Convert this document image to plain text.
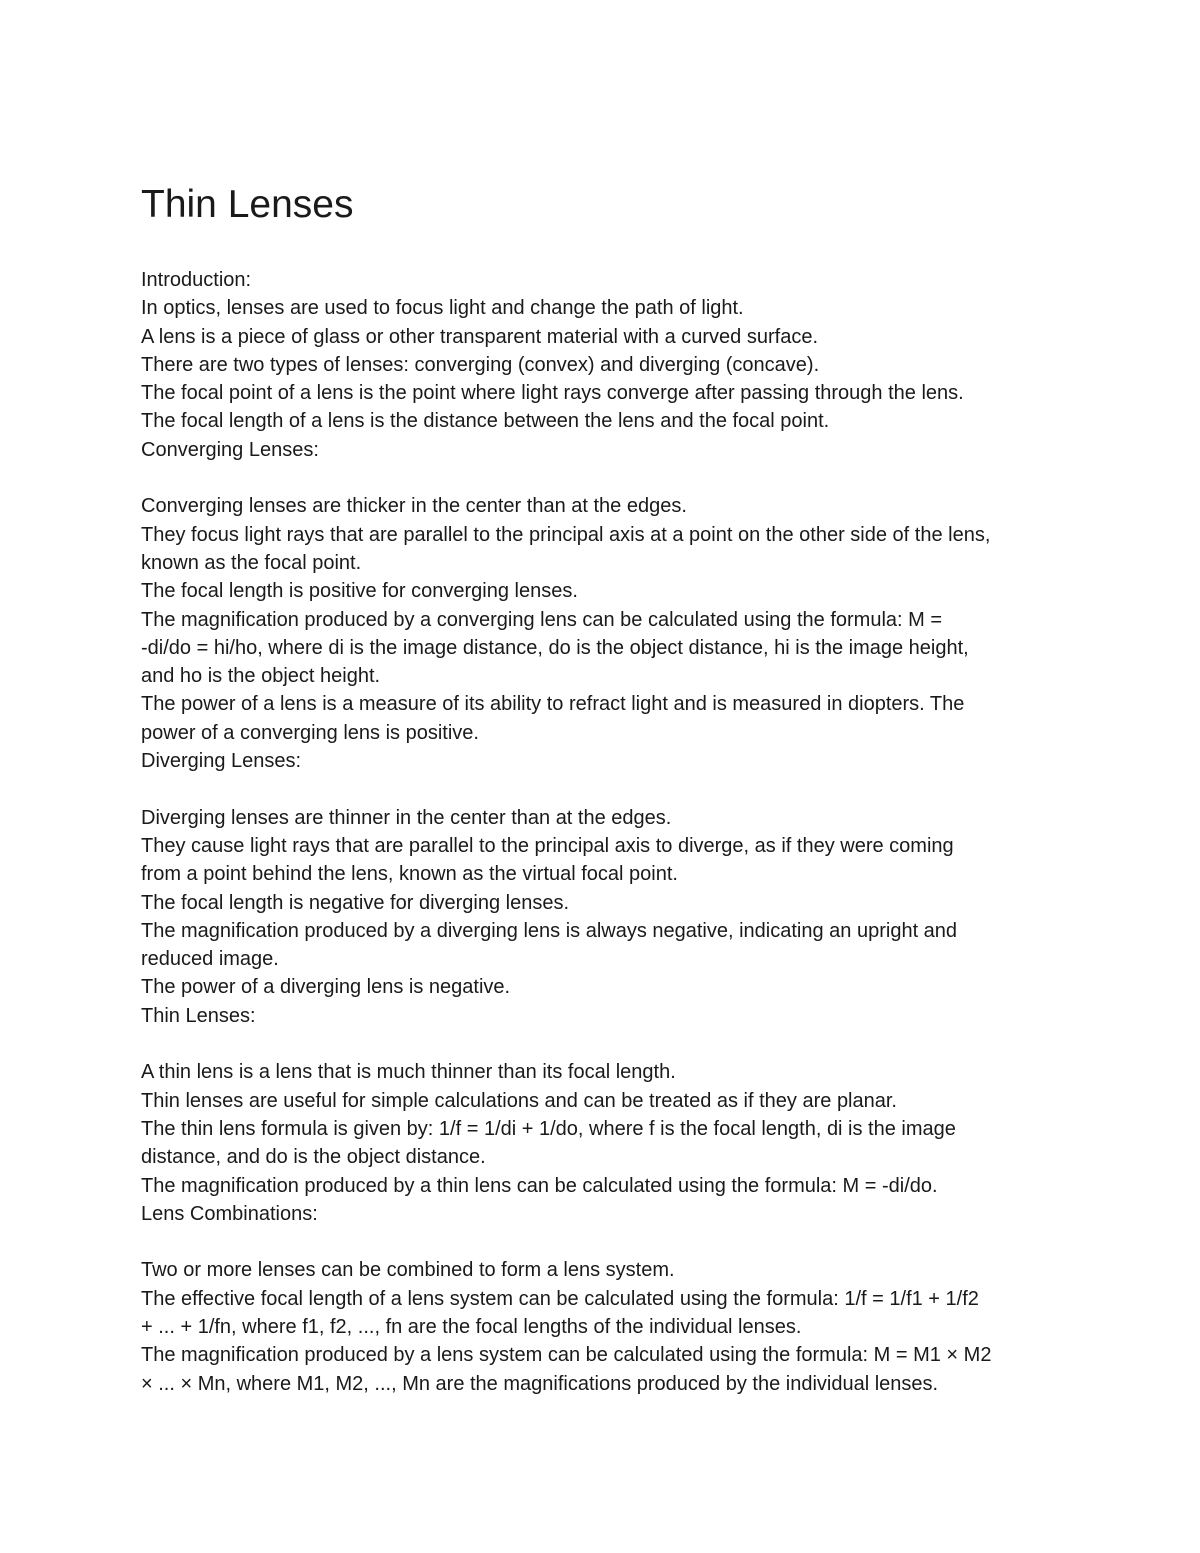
Thin Lenses
Introduction:
In optics, lenses are used to focus light and change the path of light.
A lens is a piece of glass or other transparent material with a curved surface.
There are two types of lenses: converging (convex) and diverging (concave).
The focal point of a lens is the point where light rays converge after passing through the lens.
The focal length of a lens is the distance between the lens and the focal point.
Converging Lenses:
Converging lenses are thicker in the center than at the edges.
They focus light rays that are parallel to the principal axis at a point on the other side of the lens,
known as the focal point.
The focal length is positive for converging lenses.
The magnification produced by a converging lens can be calculated using the formula: M =
-di/do = hi/ho, where di is the image distance, do is the object distance, hi is the image height,
and ho is the object height.
The power of a lens is a measure of its ability to refract light and is measured in diopters. The
power of a converging lens is positive.
Diverging Lenses:
Diverging lenses are thinner in the center than at the edges.
They cause light rays that are parallel to the principal axis to diverge, as if they were coming
from a point behind the lens, known as the virtual focal point.
The focal length is negative for diverging lenses.
The magnification produced by a diverging lens is always negative, indicating an upright and
reduced image.
The power of a diverging lens is negative.
Thin Lenses:
A thin lens is a lens that is much thinner than its focal length.
Thin lenses are useful for simple calculations and can be treated as if they are planar.
The thin lens formula is given by: 1/f = 1/di + 1/do, where f is the focal length, di is the image
distance, and do is the object distance.
The magnification produced by a thin lens can be calculated using the formula: M = -di/do.
Lens Combinations:
Two or more lenses can be combined to form a lens system.
The effective focal length of a lens system can be calculated using the formula: 1/f = 1/f1 + 1/f2
+ ... + 1/fn, where f1, f2, ..., fn are the focal lengths of the individual lenses.
The magnification produced by a lens system can be calculated using the formula: M = M1 × M2
× ... × Mn, where M1, M2, ..., Mn are the magnifications produced by the individual lenses.
